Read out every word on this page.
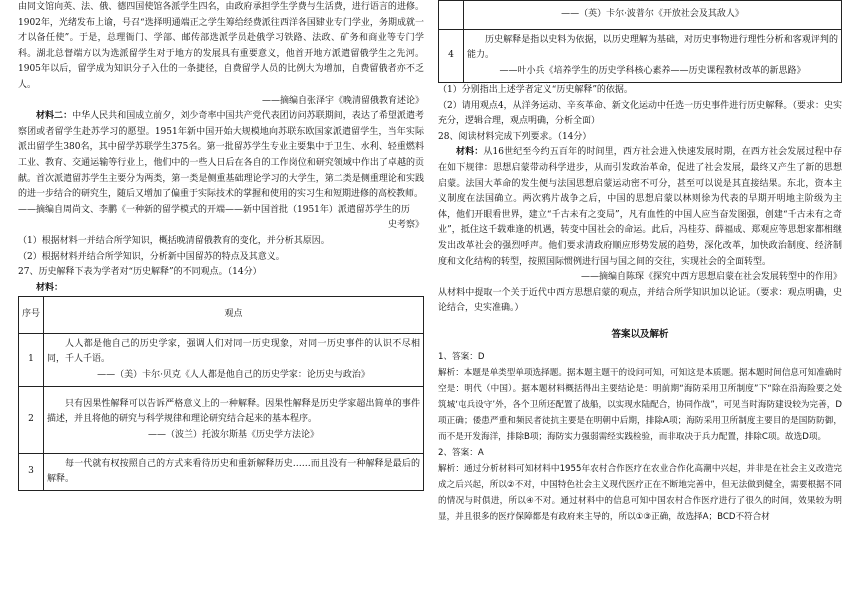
由同文馆向英、法、俄、德四国使馆各派学生四名，由政府承担学生学费与生活费，进行语言的进修。1902年，光绪发布上谕，号召“选择明通端正之学生筹给经费派往西洋各国肄业专门学业，务期成就一才以备任使”。于是，总理衙门、学部、邮传部选派学员赴俄学习铁路、法政、矿务和商业等专门学科。湖北总督端方以为选派留学生对于地方的发展具有重要意义，他首开地方派遣留俄学生之先河。1905年以后，留学成为知识分子入仕的一条捷径，自费留学人员的比例大为增加，自费留俄者亦不乏人。

——摘编自张泽宇《晚清留俄教育述论》

材料二：中华人民共和国成立前夕，刘少奇率中国共产党代表团访问苏联期间，表达了希望派遣考察团或者留学生赴苏学习的愿望。1951年新中国开始大规模地向苏联东欧国家派遣留学生，当年实际派出留学生380名，其中留学苏联学生375名。第一批留苏学生专业主要集中于卫生、水利、轻重燃料工业、教育、交通运输等行业上，他们中的一些人日后在各自的工作岗位和研究领域中作出了卓越的贡献。首次派遣留苏学生主要分为两类，第一类是侧重基础理论学习的大学生，第二类是侧重理论和实践的进一步结合的研究生，随后又增加了偏重于实际技术的掌握和使用的实习生和短期进修的高校教师。

——摘编自周尚文、李鹏《一种新的留学模式的开端——新中国首批（1951年）派遣留苏学生的历

史考察》

（1）根据材料一并结合所学知识，概括晚清留俄教育的变化，并分析其原因。

（2）根据材料并结合所学知识，分析新中国留苏的特点及其意义。

27、历史解释下表为学者对“历史解释”的不同观点。（14分）

材料：

序号	观点
1	人人都是他自己的历史学家，强调人们对同一历史现象，对同一历史事件的认识不尽相同，千人千语。
——（美）卡尔·贝克《人人都是他自己的历史学家：论历史与政治》

2	只有因果性解释可以告诉严格意义上的一种解释。因果性解释是历史学家超出简单的事件描述，并且将他的研究与科学规律和理论研究结合起来的基本程序。
——（波兰）托波尔斯基《历史学方法论》

3	每一代就有权按照自己的方式来看待历史和重新解释历史……而且没有一种解释是最后的解释。
	——（英）卡尔·波普尔《开放社会及其敌人》
4	历史解释是指以史料为依据，以历史理解为基础，对历史事物进行理性分析和客观评判的能力。
——叶小兵《培养学生的历史学科核心素养——历史课程教材改革的新思路》

（1）分别指出上述学者定义“历史解释”的依据。

（2）请用观点4，从洋务运动、辛亥革命、新文化运动中任选一历史事件进行历史解释。（要求：史实充分，逻辑合理，观点明确，分析全面）

28、阅读材料完成下列要求。（14分）

材料：从16世纪至今约五百年的时间里，西方社会进入快速发展时期，在西方社会发展过程中存在如下规律：思想启蒙带动科学进步，从而引发政治革命，促进了社会发展，最终又产生了新的思想启蒙。法国大革命的发生便与法国思想启蒙运动密不可分，甚至可以说是其直接结果。东北，资本主义制度在法国确立。两次鸦片战争之后，中国的思想启蒙以林则徐为代表的早期开明地主阶级为主体，他们开眼看世界，建立“千古未有之变局”，凡有血性的中国人应当奋发图强，创建“千古未有之奇业”，抵住这千载难逢的机遇，转变中国社会的命运。此后，冯桂芬、薛福成、郑观应等思想家都相继发出改革社会的强烈呼声。他们要求清政府顺应形势发展的趋势，深化改革，加快政治制度、经济制度和文化结构的转型，按照国际惯例进行国与国之间的交往，实现社会的全面转型。

——摘编自陈琛《探究中西方思想启蒙在社会发展转型中的作用》

从材料中提取一个关于近代中西方思想启蒙的观点，并结合所学知识加以论证。（要求：观点明确，史论结合，史实准确。）

答案以及解析

1、答案：D

解析：本题是单类型单项选择题。据本题主题干的设问可知，可知这是本质题。据本题时间信息可知准确时空是：明代（中国）。据本题材料概括得出主要结论是：明前期“海防采用卫所制度”下“除在沿海险要之处筑城‘屯兵设守’外，各个卫所还配置了战船，以实现水陆配合，协同作战”，可见当时海防建设较为完善，D项正确；倭患严重和频民者徒抗主要是在明朝中后期，排除A项；海防采用卫所制度主要目的是国防防御，而不是开发海洋，排除B项；海防实力强弱需经实践检验，而非取决于兵力配置，排除C项。故选D项。

2、答案：A

解析：通过分析材料可知材料中1955年农村合作医疗在农业合作化高潮中兴起，并非是在社会主义改造完成之后兴起，所以②不对，中国特色社会主义现代医疗正在不断地完善中，但无法做到健全，需要根据不同的情况与时俱进，所以④不对。通过材料中的信息可知中国农村合作医疗进行了很久的时间，效果较为明显，并且很多的医疗保障都是有政府来主导的，所以①③正确，故选择A；BCD不符合材
